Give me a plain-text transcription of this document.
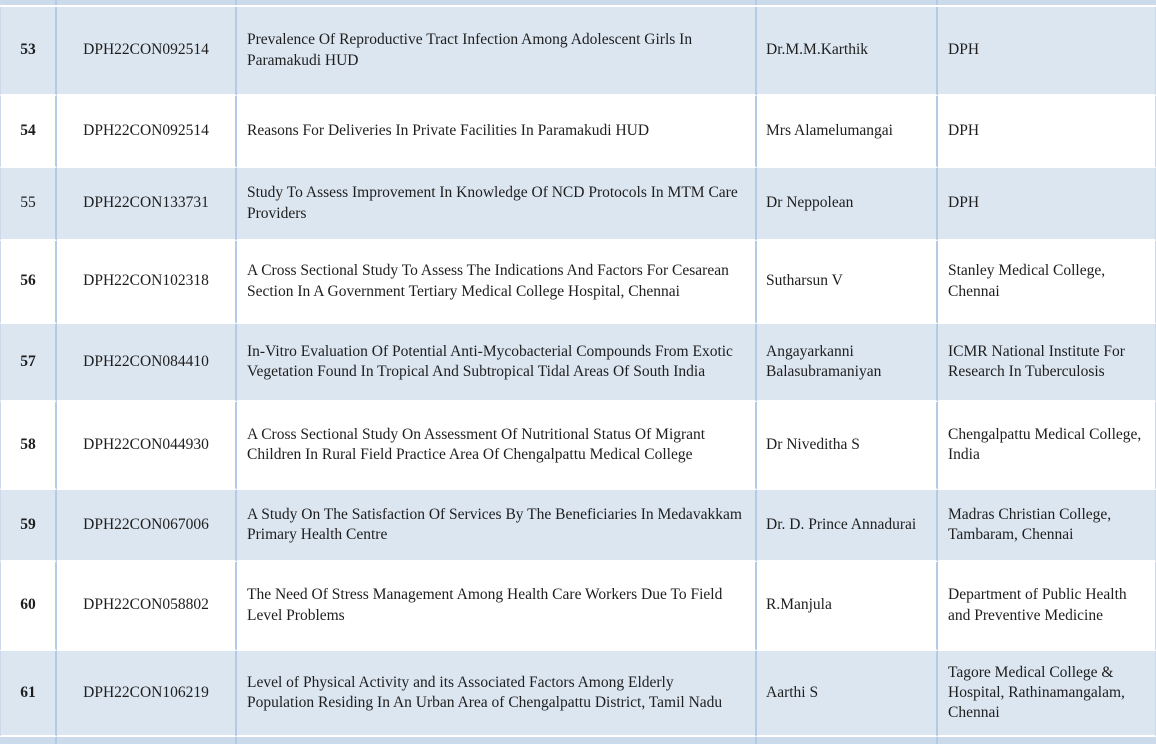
53	DPH22CON092514	Prevalence Of Reproductive Tract Infection Among Adolescent Girls In Paramakudi HUD	Dr.M.M.Karthik	DPH
54	DPH22CON092514	Reasons For Deliveries In Private Facilities In Paramakudi HUD	Mrs Alamelumangai	DPH
55	DPH22CON133731	Study To Assess Improvement In Knowledge Of NCD Protocols In MTM Care Providers	Dr Neppolean	DPH
56	DPH22CON102318	A Cross Sectional Study To Assess The Indications And Factors For Cesarean Section In A Government Tertiary Medical College Hospital, Chennai	Sutharsun V	Stanley Medical College, Chennai
57	DPH22CON084410	In-Vitro Evaluation Of Potential Anti-Mycobacterial Compounds From Exotic Vegetation Found In Tropical And Subtropical Tidal Areas Of South India	Angayarkanni Balasubramaniyan	ICMR National Institute For Research In Tuberculosis
58	DPH22CON044930	A Cross Sectional Study On Assessment Of Nutritional Status Of Migrant Children In Rural Field Practice Area Of Chengalpattu Medical College	Dr Niveditha S	Chengalpattu Medical College, India
59	DPH22CON067006	A Study On The Satisfaction Of Services By The Beneficiaries In Medavakkam Primary Health Centre	Dr. D. Prince Annadurai	Madras Christian College, Tambaram, Chennai
60	DPH22CON058802	The Need Of Stress Management Among Health Care Workers Due To Field Level Problems	R.Manjula	Department of Public Health and Preventive Medicine
61	DPH22CON106219	Level of Physical Activity and its Associated Factors Among Elderly Population Residing In An Urban Area of Chengalpattu District, Tamil Nadu	Aarthi S	Tagore Medical College & Hospital, Rathinamangalam, Chennai
